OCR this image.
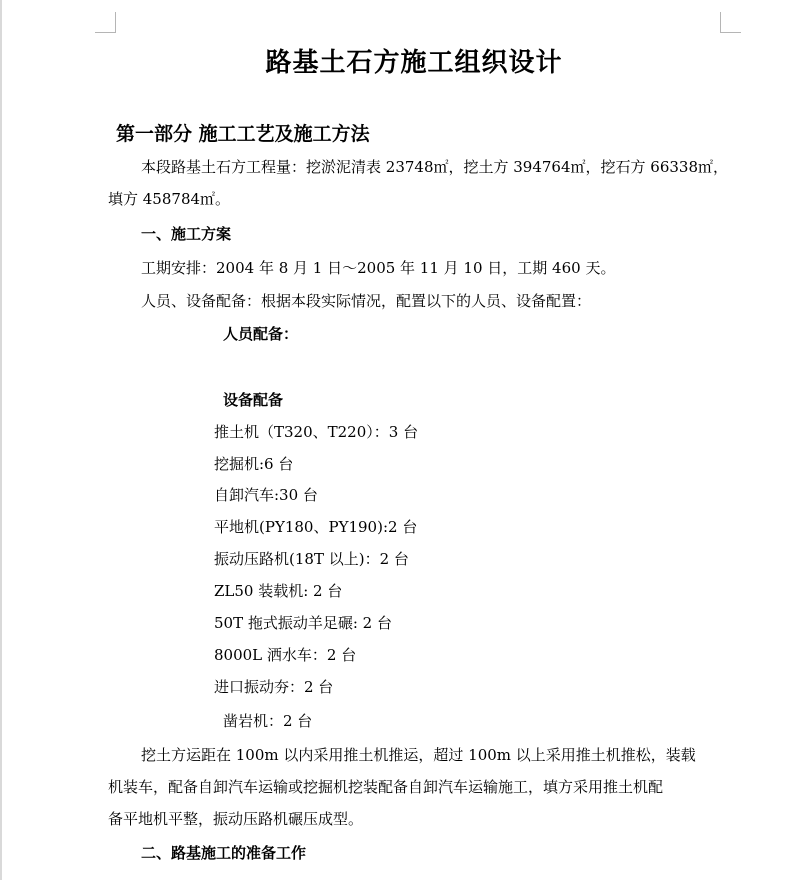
路基土石方施工组织设计
第一部分 施工工艺及施工方法
本段路基土石方工程量：挖淤泥清表 23748㎡，挖土方 394764㎡，挖石方 66338㎡，
填方 458784㎡。
一、施工方案
工期安排：2004 年 8 月 1 日～2005 年 11 月 10 日，工期 460 天。
人员、设备配备：根据本段实际情况，配置以下的人员、设备配置：
人员配备：
设备配备
推土机（T320、T220）：3 台
挖掘机:6 台
自卸汽车:30 台
平地机(PY180、PY190):2 台
振动压路机(18T 以上)：2 台
ZL50 装载机: 2 台
50T 拖式振动羊足碾: 2 台
8000L 洒水车：2 台
进口振动夯：2 台
凿岩机：2 台
挖土方运距在 100m 以内采用推土机推运，超过 100m 以上采用推土机推松，装载
机装车，配备自卸汽车运输或挖掘机挖装配备自卸汽车运输施工，填方采用推土机配
备平地机平整，振动压路机碾压成型。
二、路基施工的准备工作
